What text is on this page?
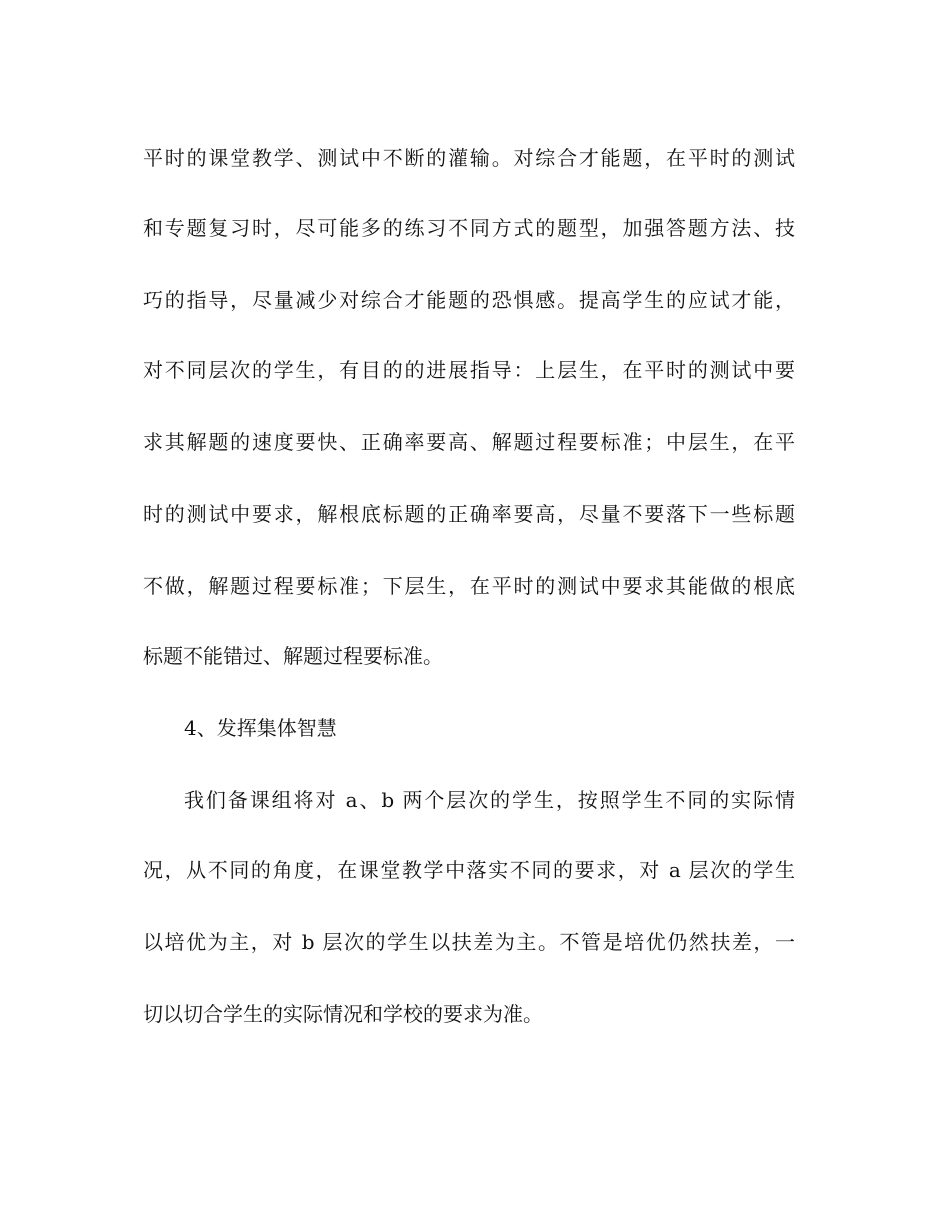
平时的课堂教学、测试中不断的灌输。对综合才能题，在平时的测试
和专题复习时，尽可能多的练习不同方式的题型，加强答题方法、技
巧的指导，尽量减少对综合才能题的恐惧感。提高学生的应试才能，
对不同层次的学生，有目的的进展指导：上层生，在平时的测试中要
求其解题的速度要快、正确率要高、解题过程要标准；中层生，在平
时的测试中要求，解根底标题的正确率要高，尽量不要落下一些标题
不做，解题过程要标准；下层生，在平时的测试中要求其能做的根底
标题不能错过、解题过程要标准。
4、发挥集体智慧
我们备课组将对 a、b 两个层次的学生，按照学生不同的实际情
况，从不同的角度，在课堂教学中落实不同的要求，对 a 层次的学生
以培优为主，对 b 层次的学生以扶差为主。不管是培优仍然扶差，一
切以切合学生的实际情况和学校的要求为准。
